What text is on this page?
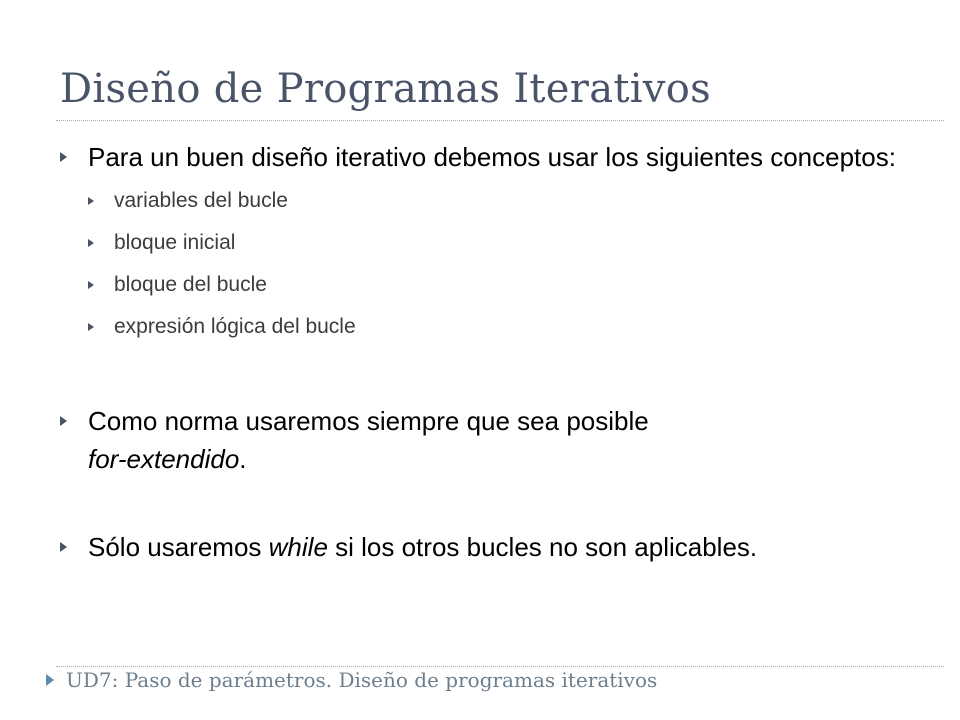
Diseño de Programas Iterativos
Para un buen diseño iterativo debemos usar los siguientes conceptos:
variables del bucle
bloque inicial
bloque del bucle
expresión lógica del bucle
Como norma usaremos siempre que sea posible
for-extendido.
Sólo usaremos while si los otros bucles no son aplicables.
UD7: Paso de parámetros. Diseño de programas iterativos
